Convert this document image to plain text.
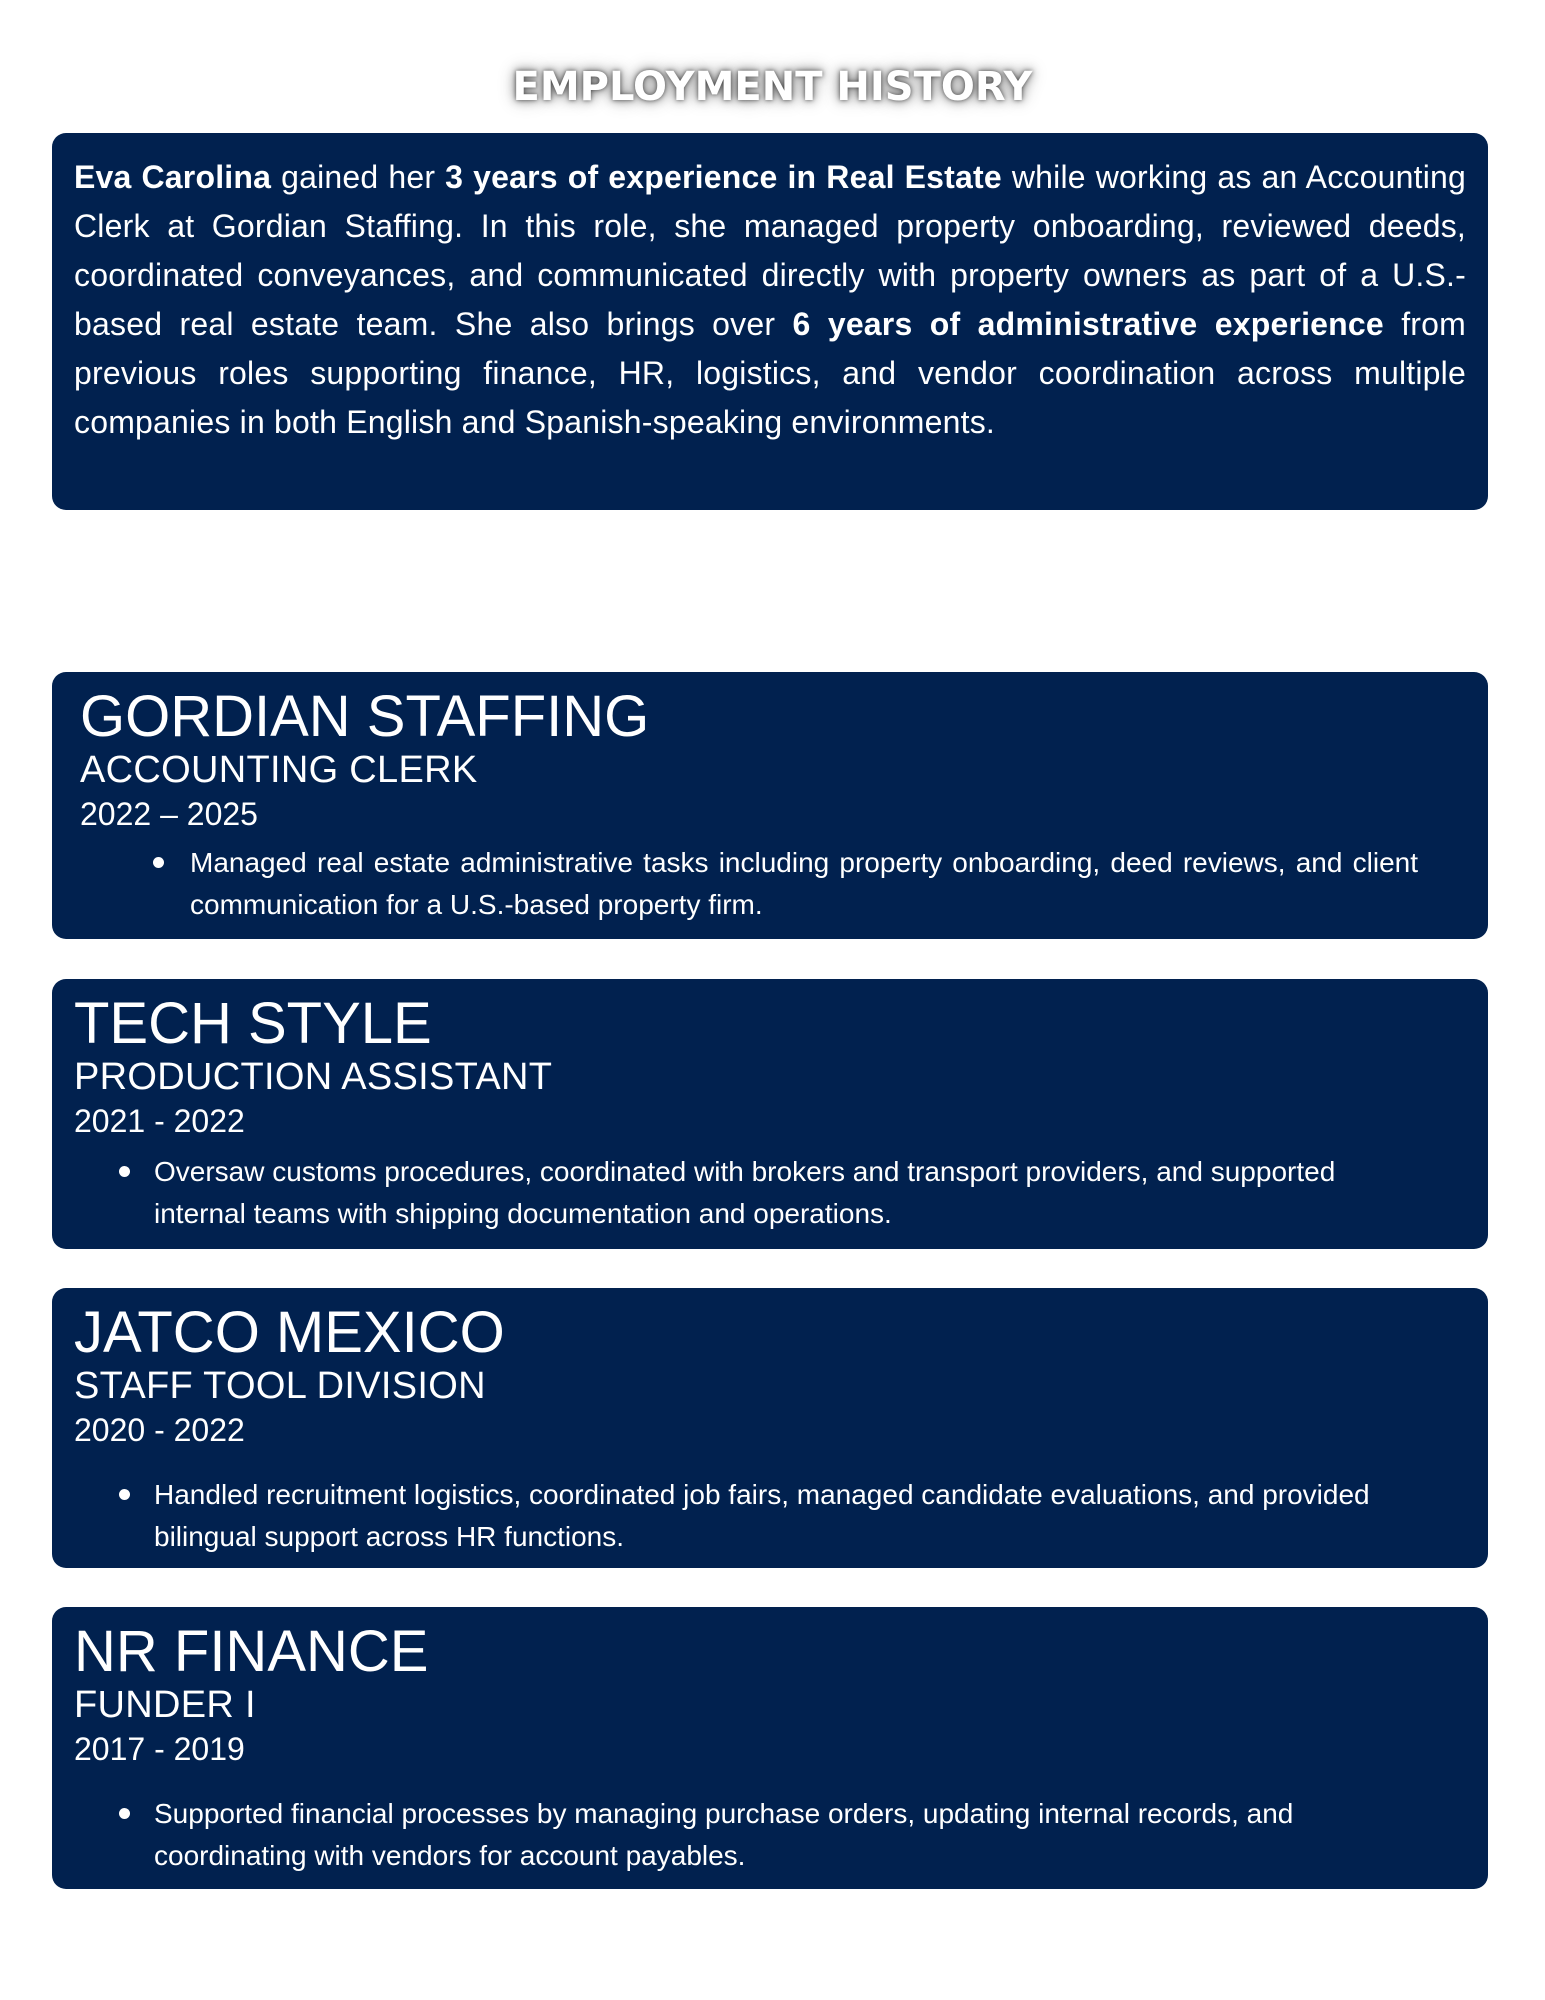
EMPLOYMENT HISTORY

Eva Carolina gained her 3 years of experience in Real Estate while working as an Accounting Clerk at Gordian Staffing. In this role, she managed property onboarding, reviewed deeds, coordinated conveyances, and communicated directly with property owners as part of a U.S.-based real estate team. She also brings over 6 years of administrative experience from previous roles supporting finance, HR, logistics, and vendor coordination across multiple companies in both English and Spanish-speaking environments.

GORDIAN STAFFING
ACCOUNTING CLERK
2022 – 2025
Managed real estate administrative tasks including property onboarding, deed reviews, and client communication for a U.S.-based property firm.
TECH STYLE
PRODUCTION ASSISTANT
2021 - 2022
Oversaw customs procedures, coordinated with brokers and transport providers, and supported internal teams with shipping documentation and operations.
JATCO MEXICO
STAFF TOOL DIVISION
2020 - 2022
Handled recruitment logistics, coordinated job fairs, managed candidate evaluations, and provided bilingual support across HR functions.
NR FINANCE
FUNDER I
2017 - 2019
Supported financial processes by managing purchase orders, updating internal records, and coordinating with vendors for account payables.
